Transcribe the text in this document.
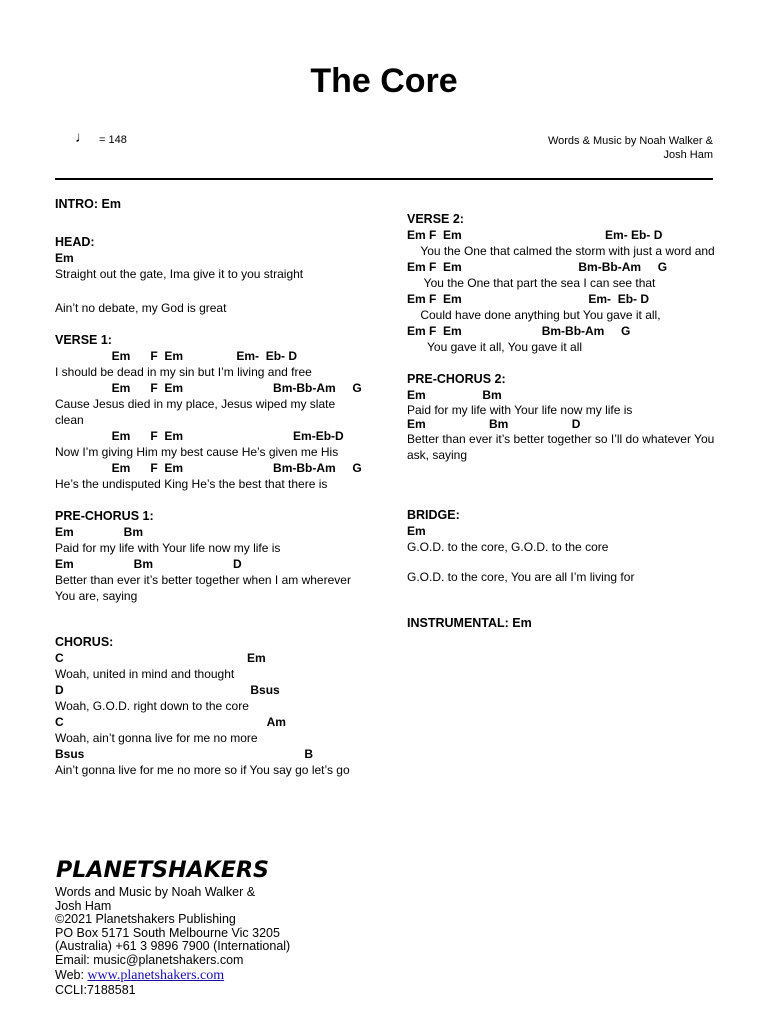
The Core
♩ = 148	Words & Music by Noah Walker & Josh Ham
INTRO: Em
HEAD:
Em
Straight out the gate, Ima give it to you straight
Ain’t no debate, my God is great
VERSE 1:
Em      F  Em                Em-  Eb- D
I should be dead in my sin but I’m living and free
Em      F  Em                           Bm-Bb-Am     G
Cause Jesus died in my place, Jesus wiped my slate clean
Em      F  Em                                 Em-Eb-D
Now I’m giving Him my best cause He’s given me His
Em      F  Em                           Bm-Bb-Am     G
He’s the undisputed King He’s the best that there is
PRE-CHORUS 1:
Em               Bm
Paid for my life with Your life now my life is
Em                  Bm                        D
Better than ever it’s better together when I am wherever You are, saying
CHORUS:
C                                                       Em
Woah, united in mind and thought
D                                                        Bsus
Woah, G.O.D. right down to the core
C                                                             Am
Woah, ain’t gonna live for me no more
Bsus                                                                  B
Ain’t gonna live for me no more so if You say go let’s go
VERSE 2:
Em F  Em                                           Em- Eb- D
You the One that calmed the storm with just a word and
Em F  Em                                   Bm-Bb-Am     G
You the One that part the sea I can see that
Em F  Em                                      Em-  Eb- D
Could have done anything but You gave it all,
Em F  Em                        Bm-Bb-Am     G
You gave it all, You gave it all
PRE-CHORUS 2:
Em                 Bm
Paid for my life with Your life now my life is
Em                   Bm                   D
Better than ever it’s better together so I’ll do whatever You ask, saying
BRIDGE:
Em
G.O.D. to the core, G.O.D. to the core
G.O.D. to the core, You are all I’m living for
INSTRUMENTAL: Em
PLANETSHAKERS
Words and Music by Noah Walker &
Josh Ham
©2021 Planetshakers Publishing
PO Box 5171 South Melbourne Vic 3205
(Australia) +61 3 9896 7900 (International)
Email: music@planetshakers.com
Web: www.planetshakers.com
CCLI:7188581
